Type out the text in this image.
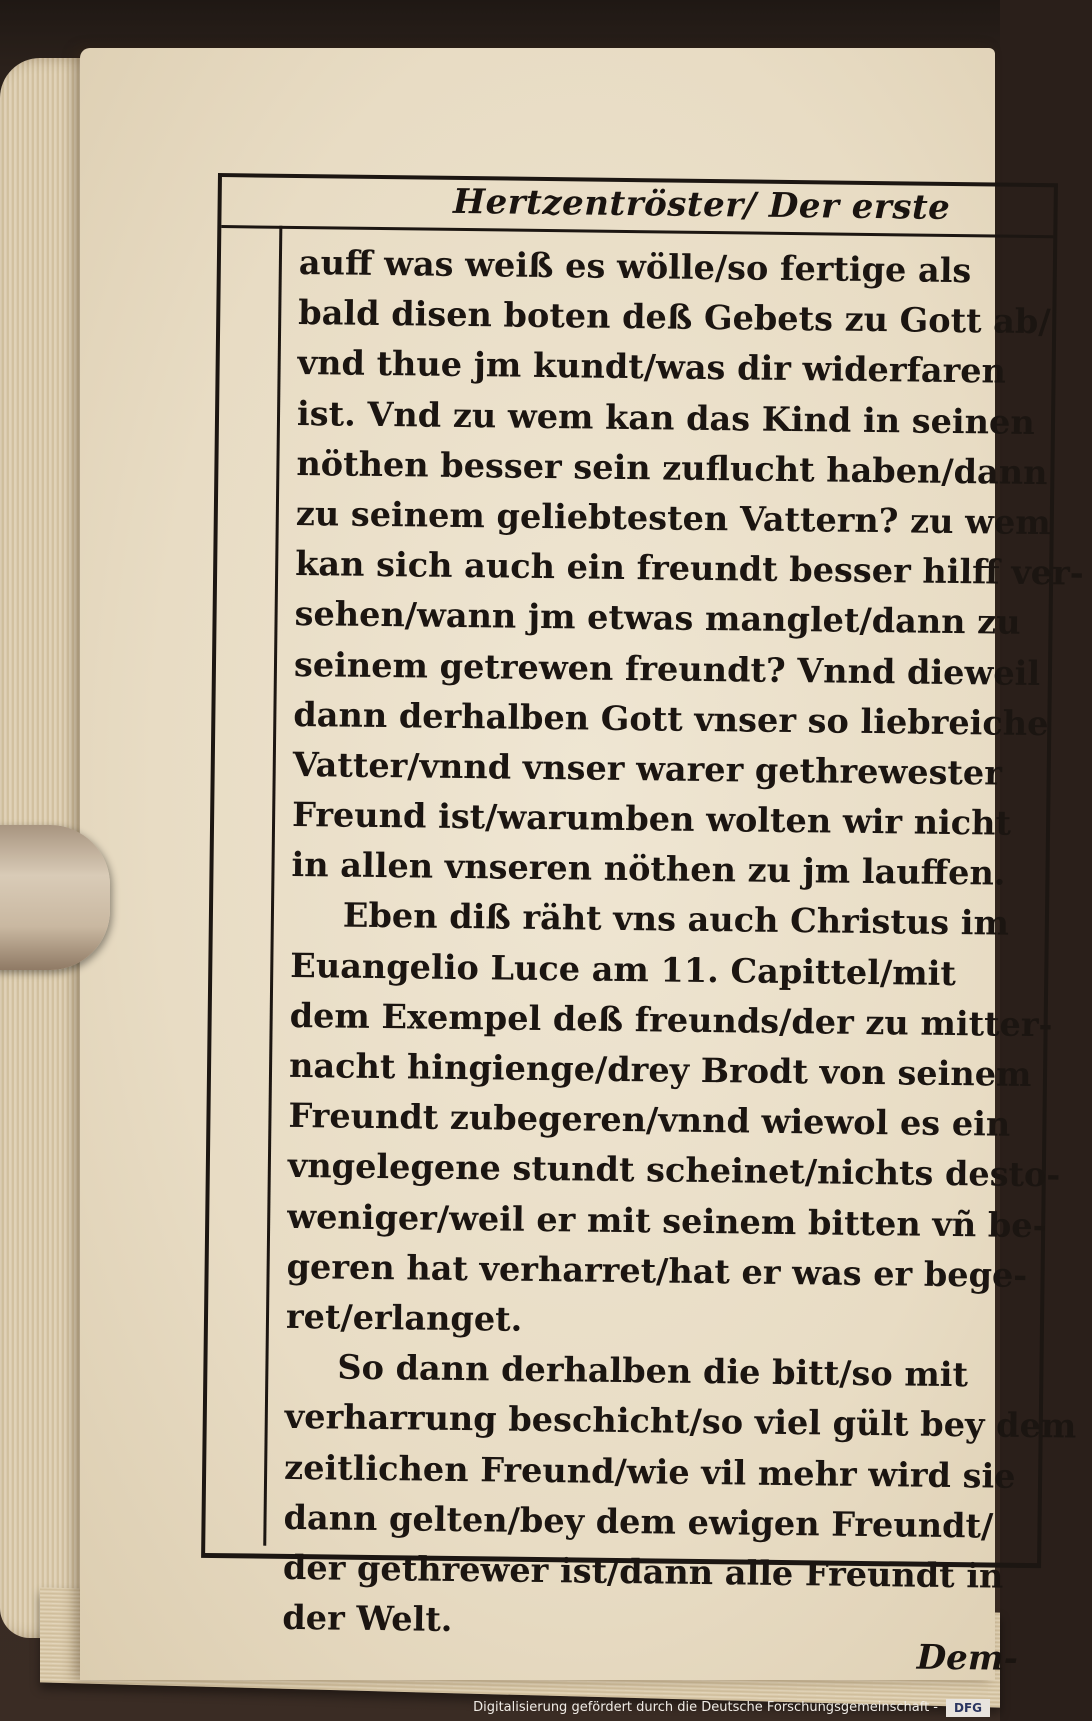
Hertzentröster/ Der erste
auff was weiß es wölle/so fertige als
bald disen boten deß Gebets zu Gott ab/
vnd thue jm kundt/was dir widerfaren
ist. Vnd zu wem kan das Kind in seinen
nöthen besser sein zuflucht haben/dann
zu seinem geliebtesten Vattern? zu wem
kan sich auch ein freundt besser hilff ver-
sehen/wann jm etwas manglet/dann zu
seinem getrewen freundt? Vnnd dieweil
dann derhalben Gott vnser so liebreiche
Vatter/vnnd vnser warer gethrewester
Freund ist/warumben wolten wir nicht
in allen vnseren nöthen zu jm lauffen.
Eben diß räht vns auch Christus im
Euangelio Luce am 11. Capittel/mit
dem Exempel deß freunds/der zu mitter-
nacht hingienge/drey Brodt von seinem
Freundt zubegeren/vnnd wiewol es ein
vngelegene stundt scheinet/nichts desto-
weniger/weil er mit seinem bitten vñ be-
geren hat verharret/hat er was er bege-
ret/erlanget.
So dann derhalben die bitt/so mit
verharrung beschicht/so viel gült bey dem
zeitlichen Freund/wie vil mehr wird sie
dann gelten/bey dem ewigen Freundt/
der gethrewer ist/dann alle Freundt in
der Welt.
Dem-
Digitalisierung gefördert durch die Deutsche Forschungsgemeinschaft -	DFG
